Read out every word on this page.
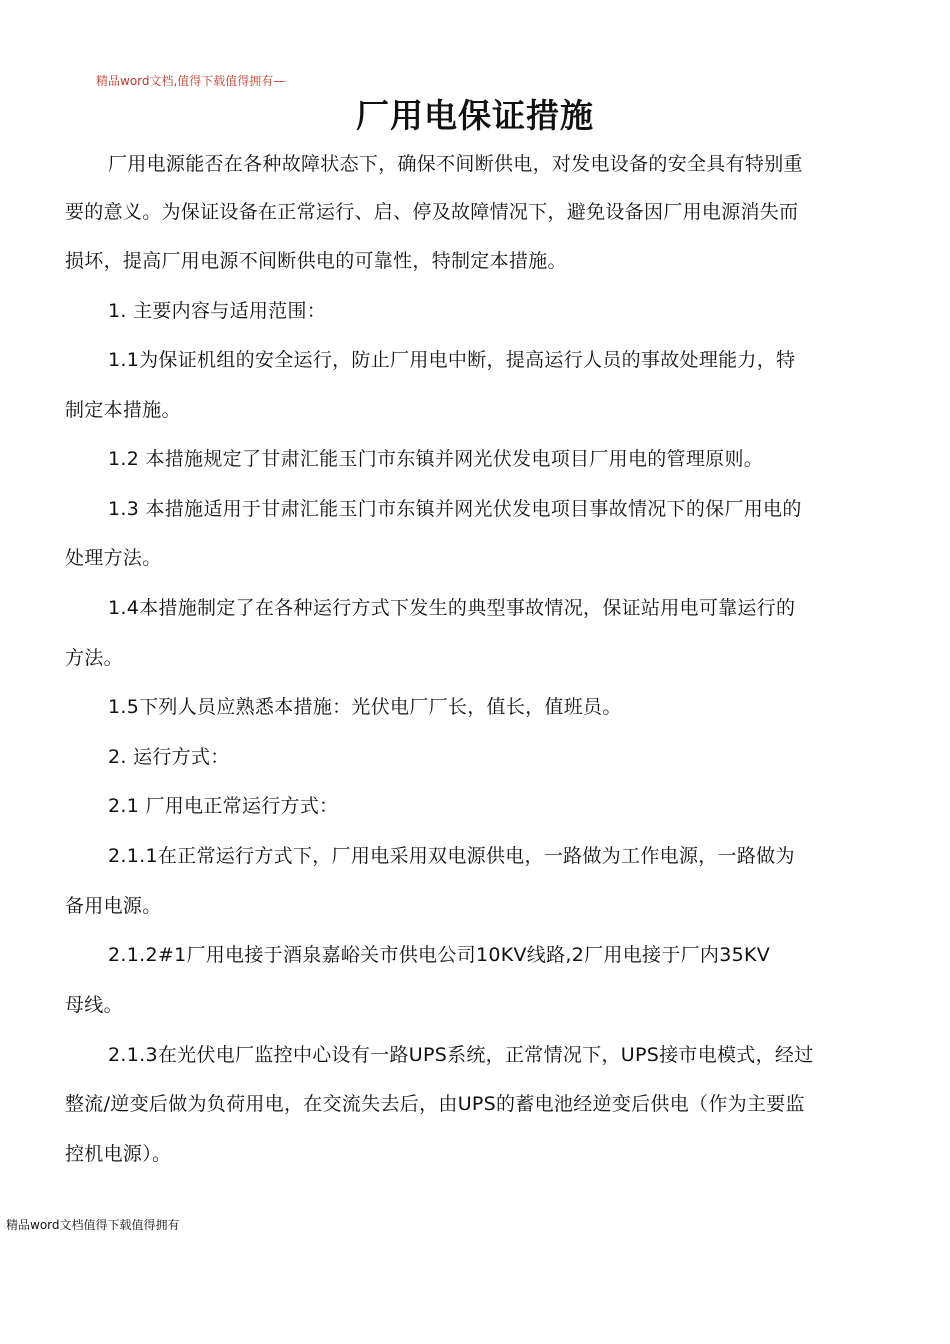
精品word文档,值得下载值得拥有—
厂用电保证措施
厂用电源能否在各种故障状态下，确保不间断供电，对发电设备的安全具有特别重
要的意义。为保证设备在正常运行、启、停及故障情况下，避免设备因厂用电源消失而
损坏，提高厂用电源不间断供电的可靠性，特制定本措施。
1. 主要内容与适用范围：
1.1为保证机组的安全运行，防止厂用电中断，提高运行人员的事故处理能力，特
制定本措施。
1.2 本措施规定了甘肃汇能玉门市东镇并网光伏发电项目厂用电的管理原则。
1.3 本措施适用于甘肃汇能玉门市东镇并网光伏发电项目事故情况下的保厂用电的
处理方法。
1.4本措施制定了在各种运行方式下发生的典型事故情况，保证站用电可靠运行的
方法。
1.5下列人员应熟悉本措施：光伏电厂厂长，值长，值班员。
2. 运行方式：
2.1 厂用电正常运行方式：
2.1.1在正常运行方式下，厂用电采用双电源供电，一路做为工作电源，一路做为
备用电源。
2.1.2#1厂用电接于酒泉嘉峪关市供电公司10KV线路,2厂用电接于厂内35KV
母线。
2.1.3在光伏电厂监控中心设有一路UPS系统，正常情况下，UPS接市电模式，经过
整流/逆变后做为负荷用电，在交流失去后，由UPS的蓄电池经逆变后供电（作为主要监
控机电源）。
精品word文档值得下载值得拥有
